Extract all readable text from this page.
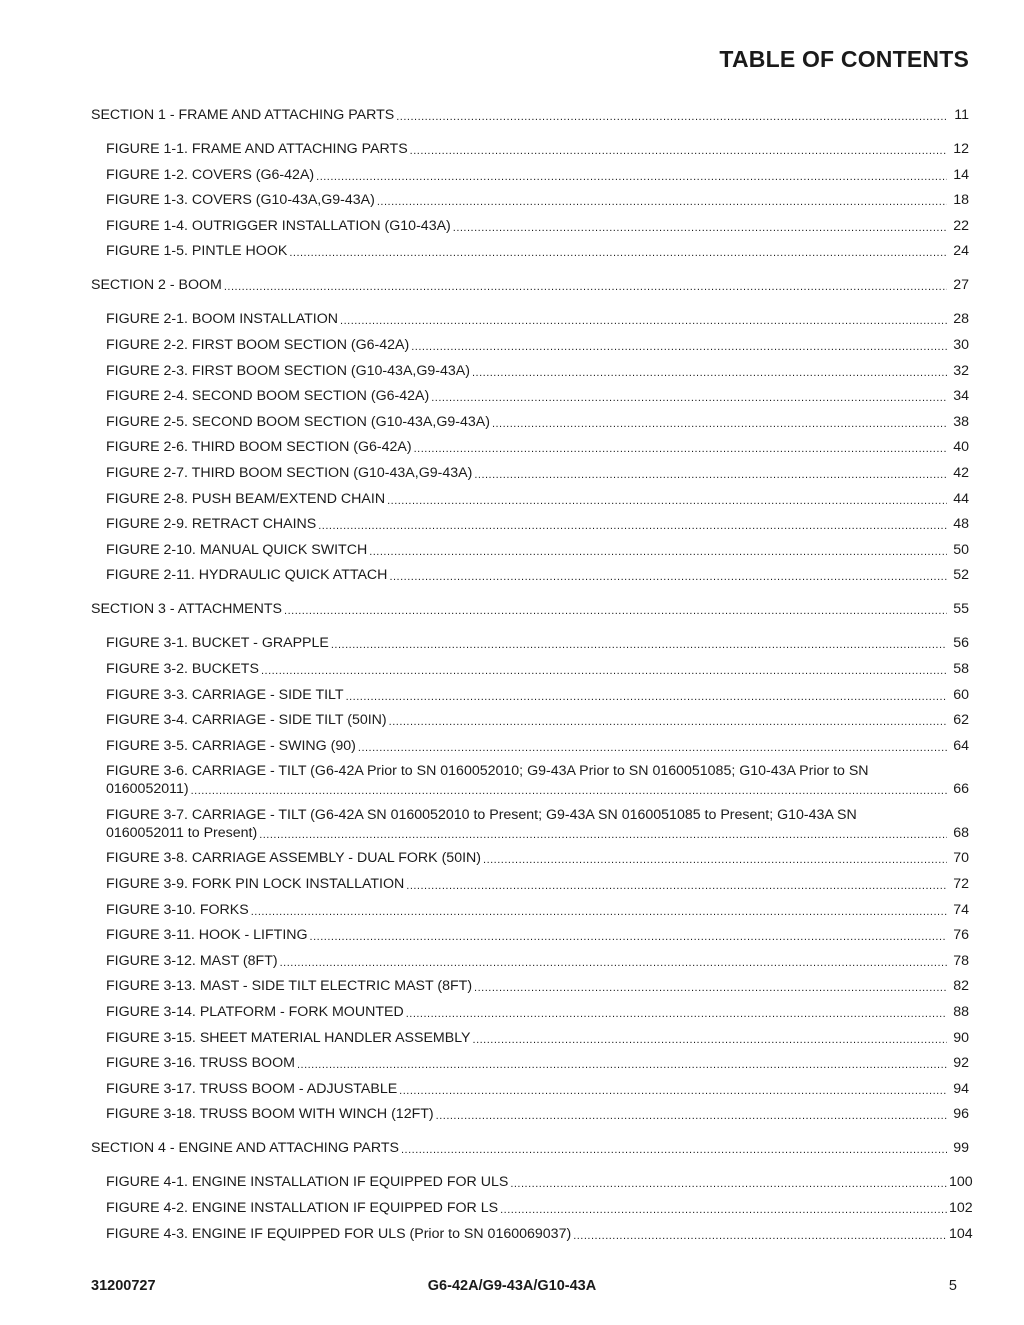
TABLE OF CONTENTS
SECTION 1 - FRAME AND ATTACHING PARTS .....	11
FIGURE 1-1. FRAME AND ATTACHING PARTS .....	12
FIGURE 1-2. COVERS (G6-42A) .....	14
FIGURE 1-3. COVERS (G10-43A,G9-43A) .....	18
FIGURE 1-4. OUTRIGGER INSTALLATION (G10-43A) .....	22
FIGURE 1-5. PINTLE HOOK .....	24
SECTION 2 - BOOM .....	27
FIGURE 2-1. BOOM INSTALLATION .....	28
FIGURE 2-2. FIRST BOOM SECTION (G6-42A) .....	30
FIGURE 2-3. FIRST BOOM SECTION (G10-43A,G9-43A) .....	32
FIGURE 2-4. SECOND BOOM SECTION (G6-42A) .....	34
FIGURE 2-5. SECOND BOOM SECTION (G10-43A,G9-43A) .....	38
FIGURE 2-6. THIRD BOOM SECTION (G6-42A) .....	40
FIGURE 2-7. THIRD BOOM SECTION (G10-43A,G9-43A) .....	42
FIGURE 2-8. PUSH BEAM/EXTEND CHAIN .....	44
FIGURE 2-9. RETRACT CHAINS .....	48
FIGURE 2-10. MANUAL QUICK SWITCH .....	50
FIGURE 2-11. HYDRAULIC QUICK ATTACH .....	52
SECTION 3 - ATTACHMENTS .....	55
FIGURE 3-1. BUCKET - GRAPPLE .....	56
FIGURE 3-2. BUCKETS .....	58
FIGURE 3-3. CARRIAGE - SIDE TILT .....	60
FIGURE 3-4. CARRIAGE - SIDE TILT (50IN) .....	62
FIGURE 3-5. CARRIAGE - SWING (90) .....	64
FIGURE 3-6. CARRIAGE - TILT (G6-42A Prior to SN 0160052010; G9-43A Prior to SN 0160051085; G10-43A Prior to SN
0160052011) .....	66
FIGURE 3-7. CARRIAGE - TILT (G6-42A SN 0160052010 to Present; G9-43A SN 0160051085 to Present; G10-43A SN
0160052011 to Present) .....	68
FIGURE 3-8. CARRIAGE ASSEMBLY - DUAL FORK (50IN) .....	70
FIGURE 3-9. FORK PIN LOCK INSTALLATION .....	72
FIGURE 3-10. FORKS .....	74
FIGURE 3-11. HOOK - LIFTING .....	76
FIGURE 3-12. MAST (8FT) .....	78
FIGURE 3-13. MAST - SIDE TILT ELECTRIC MAST (8FT) .....	82
FIGURE 3-14. PLATFORM - FORK MOUNTED .....	88
FIGURE 3-15. SHEET MATERIAL HANDLER ASSEMBLY .....	90
FIGURE 3-16. TRUSS BOOM .....	92
FIGURE 3-17. TRUSS BOOM - ADJUSTABLE .....	94
FIGURE 3-18. TRUSS BOOM WITH WINCH (12FT) .....	96
SECTION 4 - ENGINE AND ATTACHING PARTS .....	99
FIGURE 4-1. ENGINE INSTALLATION IF EQUIPPED FOR ULS .....	100
FIGURE 4-2. ENGINE INSTALLATION IF EQUIPPED FOR LS .....	102
FIGURE 4-3. ENGINE IF EQUIPPED FOR ULS (Prior to SN 0160069037) .....	104
31200727	G6-42A/G9-43A/G10-43A	5
